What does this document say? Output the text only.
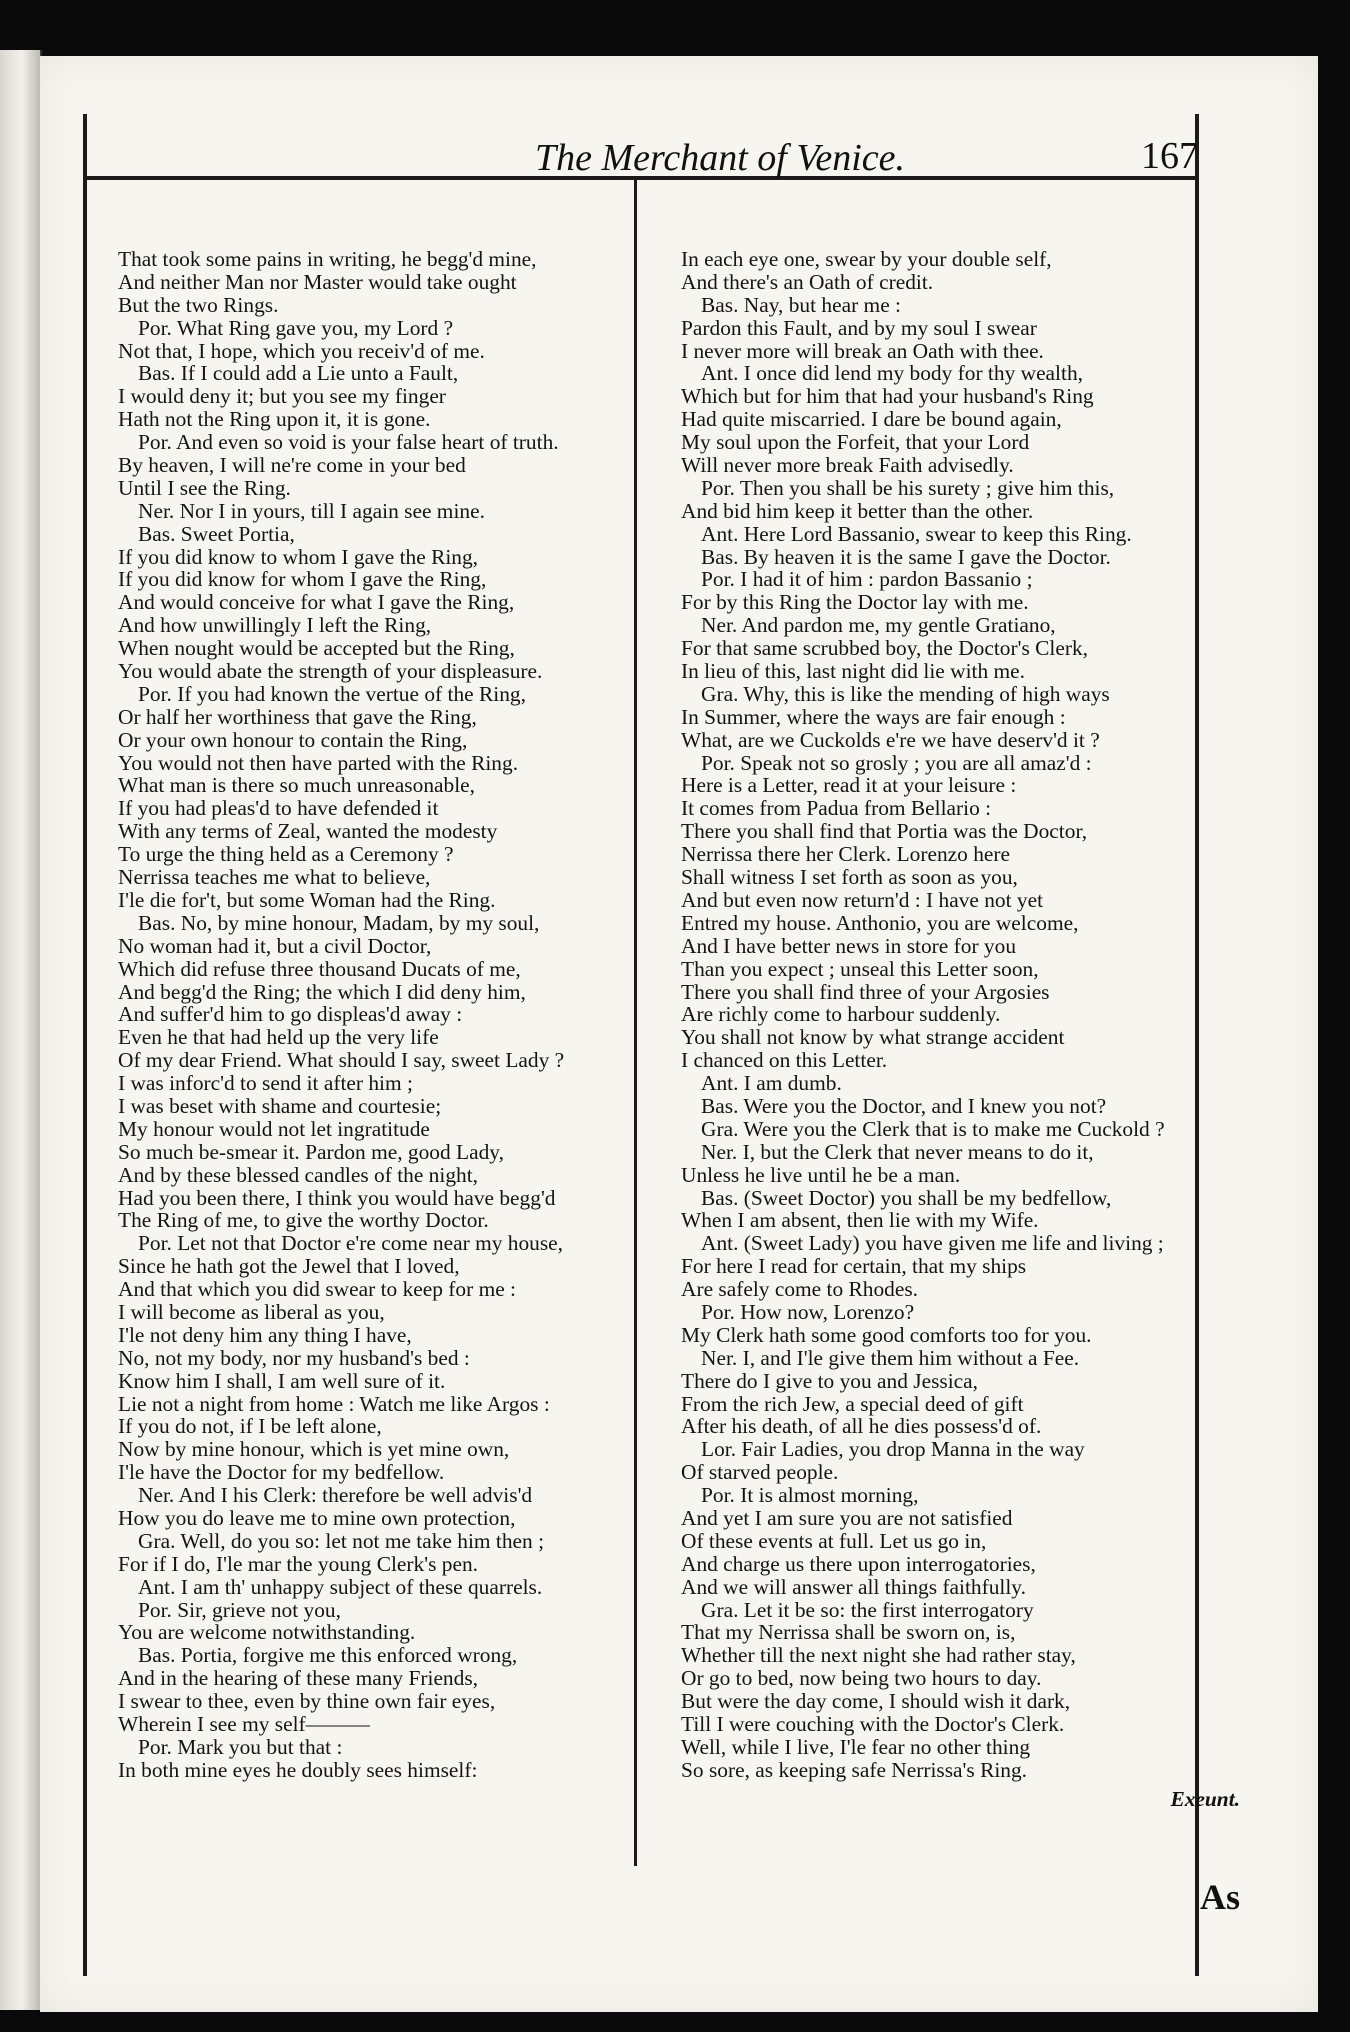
The Merchant of Venice.	167
That took some pains in writing, he begg'd mine,
And neither Man nor Master would take ought
But the two Rings.
Por. What Ring gave you, my Lord ?
Not that, I hope, which you receiv'd of me.
Bas. If I could add a Lie unto a Fault,
I would deny it; but you see my finger
Hath not the Ring upon it, it is gone.
Por. And even so void is your false heart of truth.
By heaven, I will ne're come in your bed
Until I see the Ring.
Ner. Nor I in yours, till I again see mine.
Bas. Sweet Portia,
If you did know to whom I gave the Ring,
If you did know for whom I gave the Ring,
And would conceive for what I gave the Ring,
And how unwillingly I left the Ring,
When nought would be accepted but the Ring,
You would abate the strength of your displeasure.
Por. If you had known the vertue of the Ring,
Or half her worthiness that gave the Ring,
Or your own honour to contain the Ring,
You would not then have parted with the Ring.
What man is there so much unreasonable,
If you had pleas'd to have defended it
With any terms of Zeal, wanted the modesty
To urge the thing held as a Ceremony ?
Nerrissa teaches me what to believe,
I'le die for't, but some Woman had the Ring.
Bas. No, by mine honour, Madam, by my soul,
No woman had it, but a civil Doctor,
Which did refuse three thousand Ducats of me,
And begg'd the Ring; the which I did deny him,
And suffer'd him to go displeas'd away :
Even he that had held up the very life
Of my dear Friend. What should I say, sweet Lady ?
I was inforc'd to send it after him ;
I was beset with shame and courtesie;
My honour would not let ingratitude
So much be-smear it. Pardon me, good Lady,
And by these blessed candles of the night,
Had you been there, I think you would have begg'd
The Ring of me, to give the worthy Doctor.
Por. Let not that Doctor e're come near my house,
Since he hath got the Jewel that I loved,
And that which you did swear to keep for me :
I will become as liberal as you,
I'le not deny him any thing I have,
No, not my body, nor my husband's bed :
Know him I shall, I am well sure of it.
Lie not a night from home : Watch me like Argos :
If you do not, if I be left alone,
Now by mine honour, which is yet mine own,
I'le have the Doctor for my bedfellow.
Ner. And I his Clerk: therefore be well advis'd
How you do leave me to mine own protection,
Gra. Well, do you so: let not me take him then ;
For if I do, I'le mar the young Clerk's pen.
Ant. I am th' unhappy subject of these quarrels.
Por. Sir, grieve not you,
You are welcome notwithstanding.
Bas. Portia, forgive me this enforced wrong,
And in the hearing of these many Friends,
I swear to thee, even by thine own fair eyes,
Wherein I see my self———
Por. Mark you but that :
In both mine eyes he doubly sees himself:
In each eye one, swear by your double self,
And there's an Oath of credit.
Bas. Nay, but hear me :
Pardon this Fault, and by my soul I swear
I never more will break an Oath with thee.
Ant. I once did lend my body for thy wealth,
Which but for him that had your husband's Ring
Had quite miscarried. I dare be bound again,
My soul upon the Forfeit, that your Lord
Will never more break Faith advisedly.
Por. Then you shall be his surety ; give him this,
And bid him keep it better than the other.
Ant. Here Lord Bassanio, swear to keep this Ring.
Bas. By heaven it is the same I gave the Doctor.
Por. I had it of him : pardon Bassanio ;
For by this Ring the Doctor lay with me.
Ner. And pardon me, my gentle Gratiano,
For that same scrubbed boy, the Doctor's Clerk,
In lieu of this, last night did lie with me.
Gra. Why, this is like the mending of high ways
In Summer, where the ways are fair enough :
What, are we Cuckolds e're we have deserv'd it ?
Por. Speak not so grosly ; you are all amaz'd :
Here is a Letter, read it at your leisure :
It comes from Padua from Bellario :
There you shall find that Portia was the Doctor,
Nerrissa there her Clerk. Lorenzo here
Shall witness I set forth as soon as you,
And but even now return'd : I have not yet
Entred my house. Anthonio, you are welcome,
And I have better news in store for you
Than you expect ; unseal this Letter soon,
There you shall find three of your Argosies
Are richly come to harbour suddenly.
You shall not know by what strange accident
I chanced on this Letter.
Ant. I am dumb.
Bas. Were you the Doctor, and I knew you not?
Gra. Were you the Clerk that is to make me Cuckold ?
Ner. I, but the Clerk that never means to do it,
Unless he live until he be a man.
Bas. (Sweet Doctor) you shall be my bedfellow,
When I am absent, then lie with my Wife.
Ant. (Sweet Lady) you have given me life and living ;
For here I read for certain, that my ships
Are safely come to Rhodes.
Por. How now, Lorenzo?
My Clerk hath some good comforts too for you.
Ner. I, and I'le give them him without a Fee.
There do I give to you and Jessica,
From the rich Jew, a special deed of gift
After his death, of all he dies possess'd of.
Lor. Fair Ladies, you drop Manna in the way
Of starved people.
Por. It is almost morning,
And yet I am sure you are not satisfied
Of these events at full. Let us go in,
And charge us there upon interrogatories,
And we will answer all things faithfully.
Gra. Let it be so: the first interrogatory
That my Nerrissa shall be sworn on, is,
Whether till the next night she had rather stay,
Or go to bed, now being two hours to day.
But were the day come, I should wish it dark,
Till I were couching with the Doctor's Clerk.
Well, while I live, I'le fear no other thing
So sore, as keeping safe Nerrissa's Ring.
Exeunt.
As
